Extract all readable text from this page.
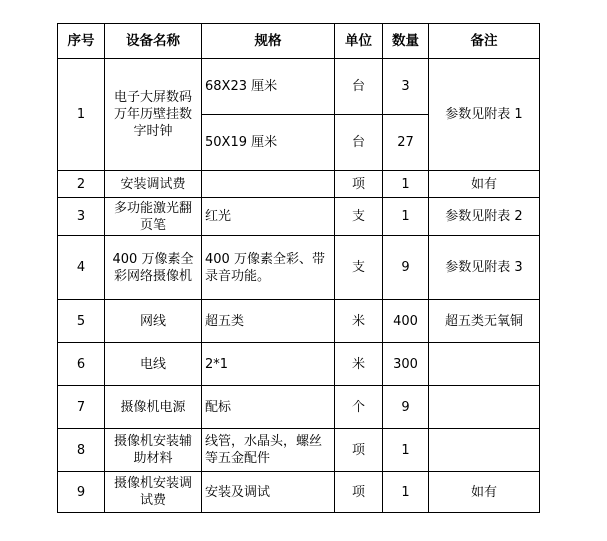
序号	设备名称	规格	单位	数量	备注
1	电子大屏数码万年历壁挂数字时钟	68X23 厘米	台	3	参数见附表 1
		50X19 厘米	台	27	
2	安装调试费		项	1	如有
3	多功能激光翻页笔	红光	支	1	参数见附表 2
4	400 万像素全彩网络摄像机	400 万像素全彩、带录音功能。	支	9	参数见附表 3
5	网线	超五类	米	400	超五类无氧铜
6	电线	2*1	米	300	
7	摄像机电源	配标	个	9	
8	摄像机安装辅助材料	线管，水晶头，螺丝等五金配件	项	1	
9	摄像机安装调试费	安装及调试	项	1	如有
